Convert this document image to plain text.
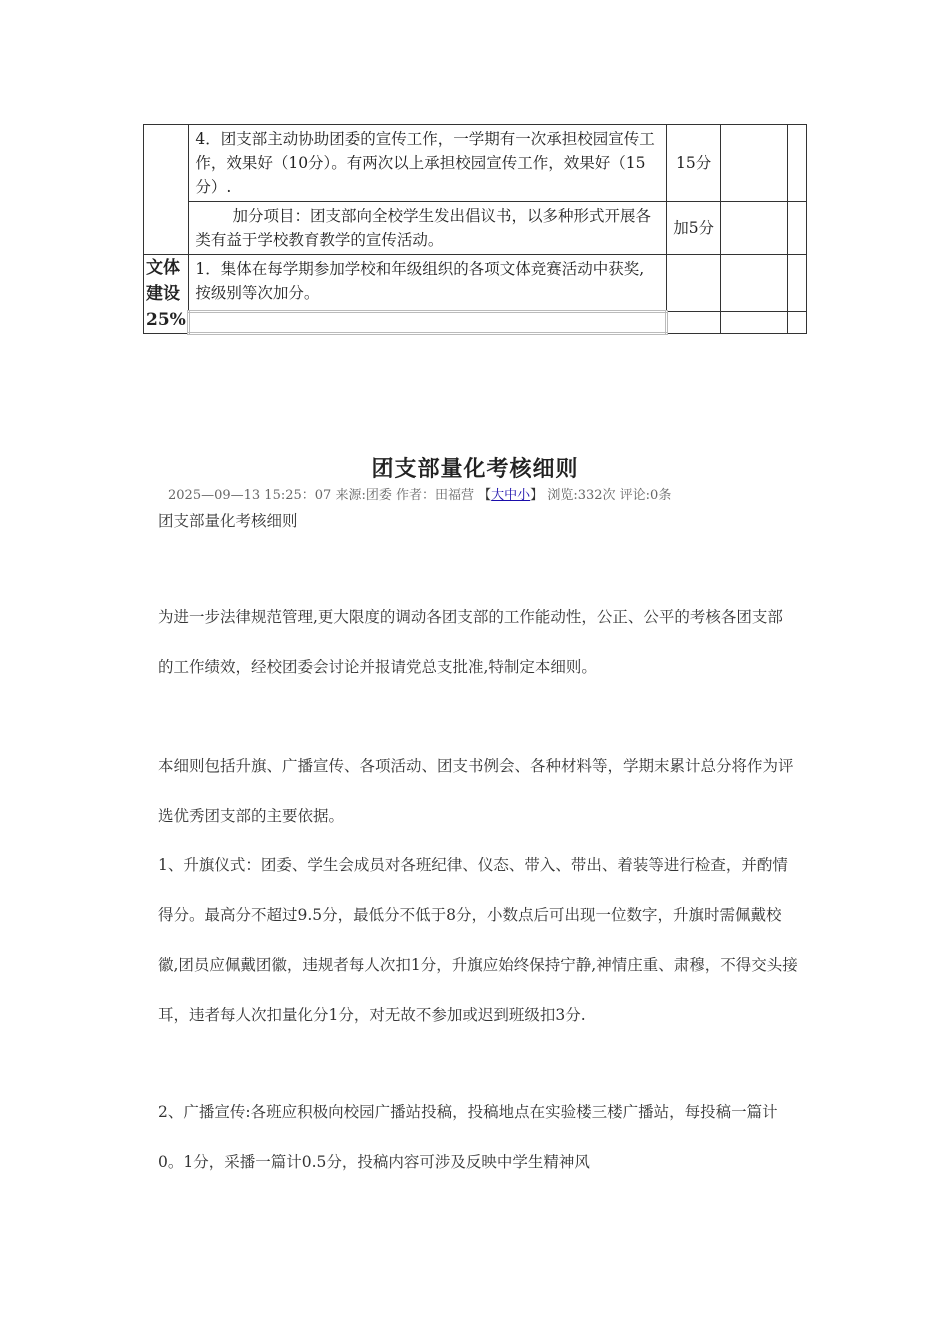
	4．团支部主动协助团委的宣传工作，一学期有一次承担校园宣传工作，效果好（10分）。有两次以上承担校园宣传工作，效果好（15分）.	15分		
	加分项目：团支部向全校学生发出倡议书，以多种形式开展各类有益于学校教育教学的宣传活动。	加5分		
文体建设25%	1．集体在每学期参加学校和年级组织的各项文体竞赛活动中获奖,按级别等次加分。			

团支部量化考核细则
2025—09—13 15:25：07 来源:团委 作者：田福营 【大中小】 浏览:332次 评论:0条
团支部量化考核细则

为进一步法律规范管理,更大限度的调动各团支部的工作能动性，公正、公平的考核各团支部的工作绩效，经校团委会讨论并报请党总支批准,特制定本细则。

本细则包括升旗、广播宣传、各项活动、团支书例会、各种材料等，学期末累计总分将作为评选优秀团支部的主要依据。

1、升旗仪式：团委、学生会成员对各班纪律、仪态、带入、带出、着装等进行检查，并酌情得分。最高分不超过9.5分，最低分不低于8分，小数点后可出现一位数字，升旗时需佩戴校徽,团员应佩戴团徽，违规者每人次扣1分，升旗应始终保持宁静,神情庄重、肃穆，不得交头接耳，违者每人次扣量化分1分，对无故不参加或迟到班级扣3分.

2、广播宣传:各班应积极向校园广播站投稿，投稿地点在实验楼三楼广播站，每投稿一篇计0。1分，采播一篇计0.5分，投稿内容可涉及反映中学生精神风
